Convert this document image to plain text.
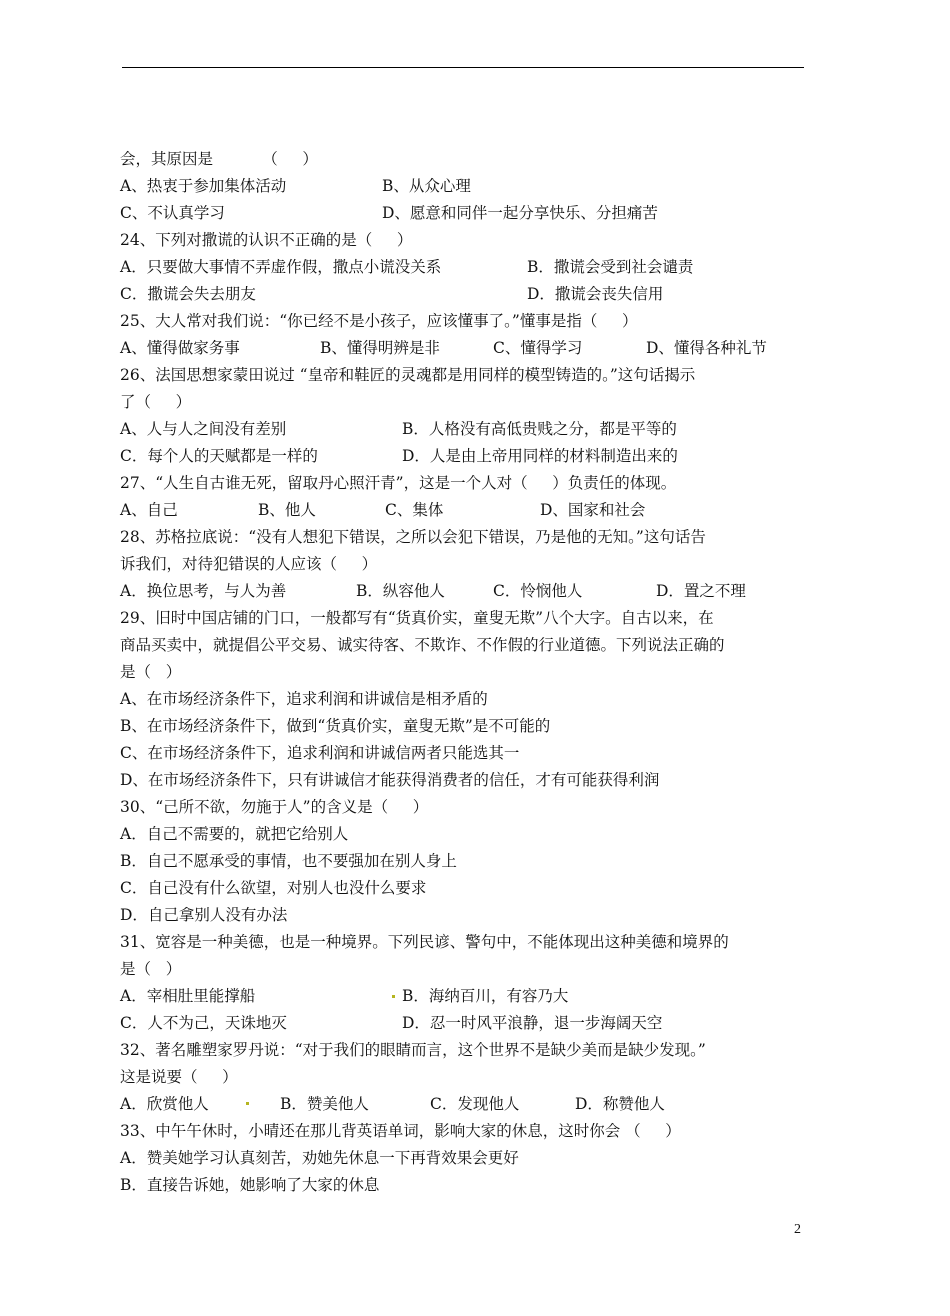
会，其原因是          （     ）
A、热衷于参加集体活动	B、从众心理
C、不认真学习	D、愿意和同伴一起分享快乐、分担痛苦
24、下列对撒谎的认识不正确的是（     ）
A．只要做大事情不弄虚作假，撒点小谎没关系	B．撒谎会受到社会谴责
C．撒谎会失去朋友	D．撒谎会丧失信用
25、大人常对我们说：“你已经不是小孩子，应该懂事了。”懂事是指（     ）
A、懂得做家务事	B、懂得明辨是非	C、懂得学习	D、懂得各种礼节
26、法国思想家蒙田说过 “皇帝和鞋匠的灵魂都是用同样的模型铸造的。”这句话揭示
了（     ）
A、人与人之间没有差别	B．人格没有高低贵贱之分，都是平等的
C．每个人的天赋都是一样的	D．人是由上帝用同样的材料制造出来的
27、“人生自古谁无死，留取丹心照汗青”，这是一个人对（     ）负责任的体现。
A、自己	B、他人	C、集体	D、国家和社会
28、苏格拉底说：“没有人想犯下错误，之所以会犯下错误，乃是他的无知。”这句话告
诉我们，对待犯错误的人应该（     ）
A．换位思考，与人为善	B．纵容他人	C．怜悯他人	D．置之不理
29、旧时中国店铺的门口，一般都写有“货真价实，童叟无欺”八个大字。自古以来，在
商品买卖中，就提倡公平交易、诚实待客、不欺诈、不作假的行业道德。下列说法正确的
是（   ）
A、在市场经济条件下，追求利润和讲诚信是相矛盾的
B、在市场经济条件下，做到“货真价实，童叟无欺”是不可能的
C、在市场经济条件下，追求利润和讲诚信两者只能选其一
D、在市场经济条件下，只有讲诚信才能获得消费者的信任，才有可能获得利润
30、“己所不欲，勿施于人”的含义是（     ）
A．自己不需要的，就把它给别人
B．自己不愿承受的事情，也不要强加在别人身上
C．自己没有什么欲望，对别人也没什么要求
D．自己拿别人没有办法
31、宽容是一种美德，也是一种境界。下列民谚、警句中，不能体现出这种美德和境界的
是（   ）
A．宰相肚里能撑船	B．海纳百川，有容乃大
C．人不为己，天诛地灭	D．忍一时风平浪静，退一步海阔天空
32、著名雕塑家罗丹说：“对于我们的眼睛而言，这个世界不是缺少美而是缺少发现。”
这是说要（     ）
A．欣赏他人	B．赞美他人	C．发现他人	D．称赞他人
33、中午午休时，小晴还在那儿背英语单词，影响大家的休息，这时你会 （     ）
A．赞美她学习认真刻苦，劝她先休息一下再背效果会更好
B．直接告诉她，她影响了大家的休息
2
